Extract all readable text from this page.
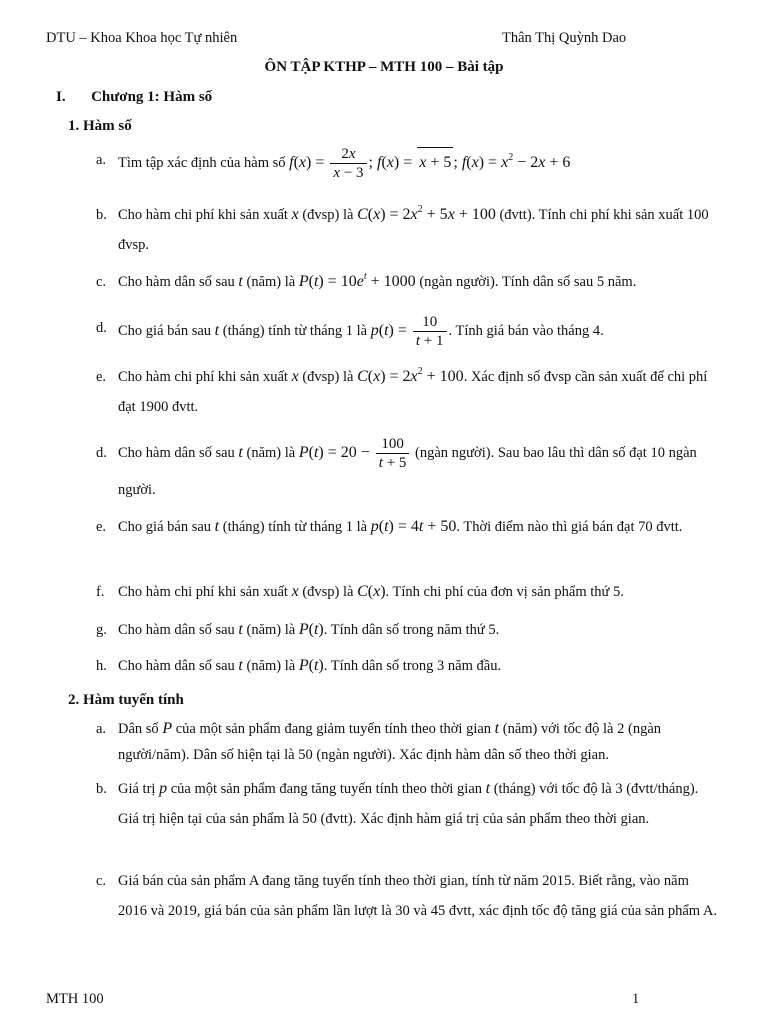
DTU – Khoa Khoa học Tự nhiên	Thân Thị Quỳnh Dao
ÔN TẬP KTHP – MTH 100 – Bài tập
I. Chương 1: Hàm số
1. Hàm số
a. Tìm tập xác định của hàm số $f(x) = \frac{2x}{x - 3}$ ; f(x) = x + 5 ; $f(x) = x^2 - 2x + 6$
b. Cho hàm chi phí khi sản xuất x (đvsp) là $C(x) = 2x^2 + 5x + 100$ (đvtt). Tính chi phí khi sản xuất 100 đvsp.
c. Cho hàm dân số sau t (năm) là $P(t) = 10e^t + 1000$ (ngàn người). Tính dân số sau 5 năm.
d. Cho giá bán sau t (tháng) tính từ tháng 1 là $p(t) = \frac{10}{t + 1}$ . Tính giá bán vào tháng 4.
e. Cho hàm chi phí khi sản xuất x (đvsp) là $C(x) = 2x^2 + 100$. Xác định số đvsp cần sản xuất để chi phí đạt 1900 đvtt.
d. Cho hàm dân số sau t (năm) là $P(t) = 20 - \frac{100}{t + 5}$ (ngàn người). Sau bao lâu thì dân số đạt 10 ngàn người.
e. Cho giá bán sau t (tháng) tính từ tháng 1 là p(t) = 4t + 50. Thời điểm nào thì giá bán đạt 70 đvtt.
f. Cho hàm chi phí khi sản xuất x (đvsp) là C(x). Tính chi phí của đơn vị sản phẩm thứ 5.
g. Cho hàm dân số sau t (năm) là P(t). Tính dân số trong năm thứ 5.
h. Cho hàm dân số sau t (năm) là P(t). Tính dân số trong 3 năm đầu.
2. Hàm tuyến tính
a. Dân số P của một sản phẩm đang giảm tuyến tính theo thời gian t (năm) với tốc độ là 2 (ngàn người/năm). Dân số hiện tại là 50 (ngàn người). Xác định hàm dân số theo thời gian.
b. Giá trị p của một sản phẩm đang tăng tuyến tính theo thời gian t (tháng) với tốc độ là 3 (đvtt/tháng). Giá trị hiện tại của sản phẩm là 50 (đvtt). Xác định hàm giá trị của sản phẩm theo thời gian.
c. Giá bán của sản phẩm A đang tăng tuyến tính theo thời gian, tính từ năm 2015. Biết rằng, vào năm 2016 và 2019, giá bán của sản phẩm lần lượt là 30 và 45 đvtt, xác định tốc độ tăng giá của sản phẩm A.
MTH 100	1
